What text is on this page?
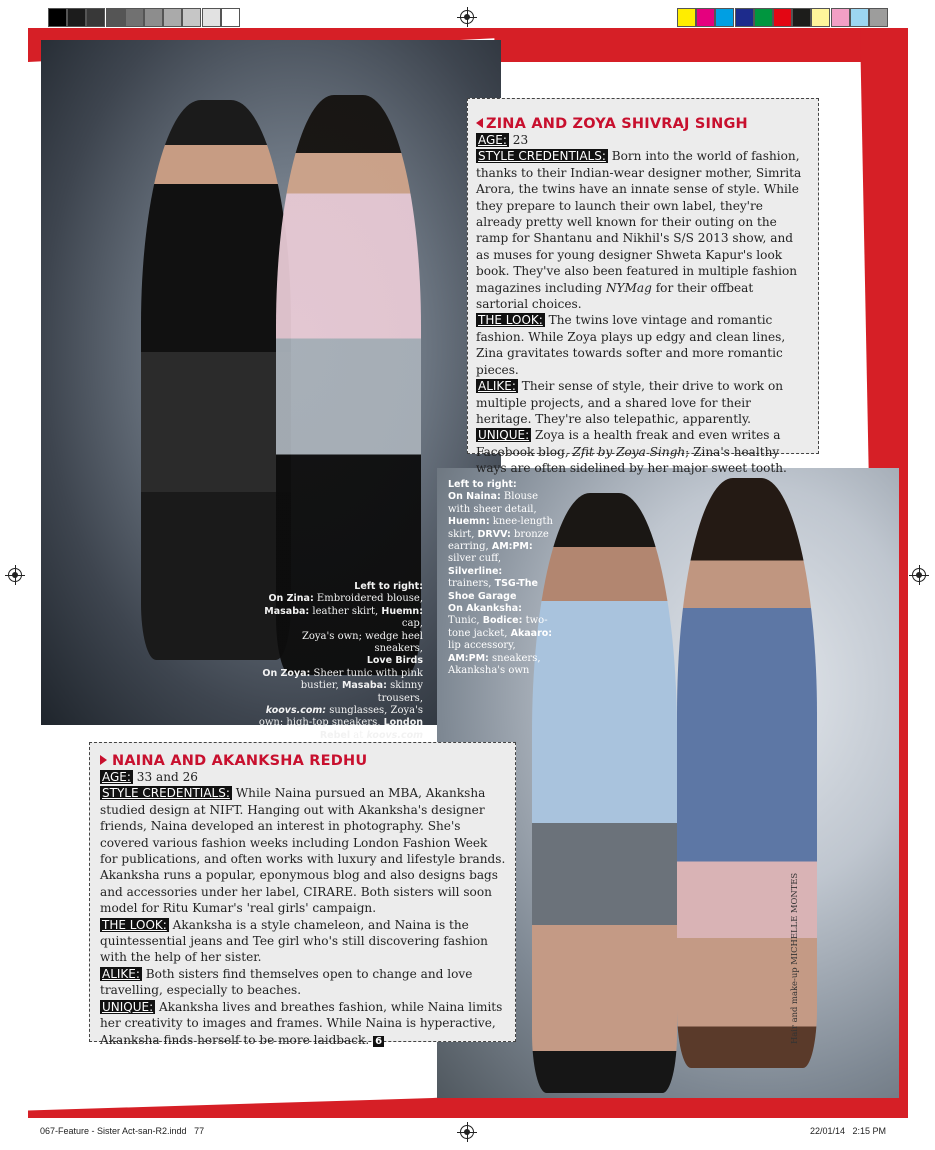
ZINA AND ZOYA SHIVRAJ SINGH

AGE: 23

STYLE CREDENTIALS: Born into the world of fashion, thanks to their Indian-wear designer mother, Simrita Arora, the twins have an innate sense of style. While they prepare to launch their own label, they're already pretty well known for their outing on the ramp for Shantanu and Nikhil's S/S 2013 show, and as muses for young designer Shweta Kapur's look book. They've also been featured in multiple fashion magazines including NYMag for their offbeat sartorial choices.

THE LOOK: The twins love vintage and romantic fashion. While Zoya plays up edgy and clean lines, Zina gravitates towards softer and more romantic pieces.

ALIKE: Their sense of style, their drive to work on multiple projects, and a shared love for their heritage. They're also telepathic, apparently.

UNIQUE: Zoya is a health freak and even writes a Facebook blog, Zfit by Zoya Singh; Zina's healthy ways are often sidelined by her major sweet tooth.

Left to right:
On Zina: Embroidered blouse,
Masaba: leather skirt, Huemn: cap,
Zoya's own; wedge heel sneakers,
Love Birds
On Zoya: Sheer tunic with pink
bustier, Masaba: skinny trousers,
koovs.com: sunglasses, Zoya's
own; high-top sneakers, London
Rebel at koovs.com
Left to right:
On Naina: Blouse
with sheer detail,
Huemn: knee-length
skirt, DRVV: bronze
earring, AM:PM:
silver cuff, Silverline:
trainers, TSG-The
Shoe Garage
On Akanksha:
Tunic, Bodice: two-
tone jacket, Akaaro:
lip accessory,
AM:PM: sneakers,
Akanksha's own
NAINA AND AKANKSHA REDHU

AGE: 33 and 26

STYLE CREDENTIALS: While Naina pursued an MBA, Akanksha studied design at NIFT. Hanging out with Akanksha's designer friends, Naina developed an interest in photography. She's covered various fashion weeks including London Fashion Week for publications, and often works with luxury and lifestyle brands. Akanksha runs a popular, eponymous blog and also designs bags and accessories under her label, CIRARE. Both sisters will soon model for Ritu Kumar's 'real girls' campaign.

THE LOOK: Akanksha is a style chameleon, and Naina is the quintessential jeans and Tee girl who's still discovering fashion with the help of her sister.

ALIKE: Both sisters find themselves open to change and love travelling, especially to beaches.

UNIQUE: Akanksha lives and breathes fashion, while Naina limits her creativity to images and frames. While Naina is hyperactive, Akanksha finds herself to be more laidback. 6	Hair and make-up MICHELLE MONTES
067-Feature - Sister Act-san-R2.indd   77	22/01/14   2:15 PM
